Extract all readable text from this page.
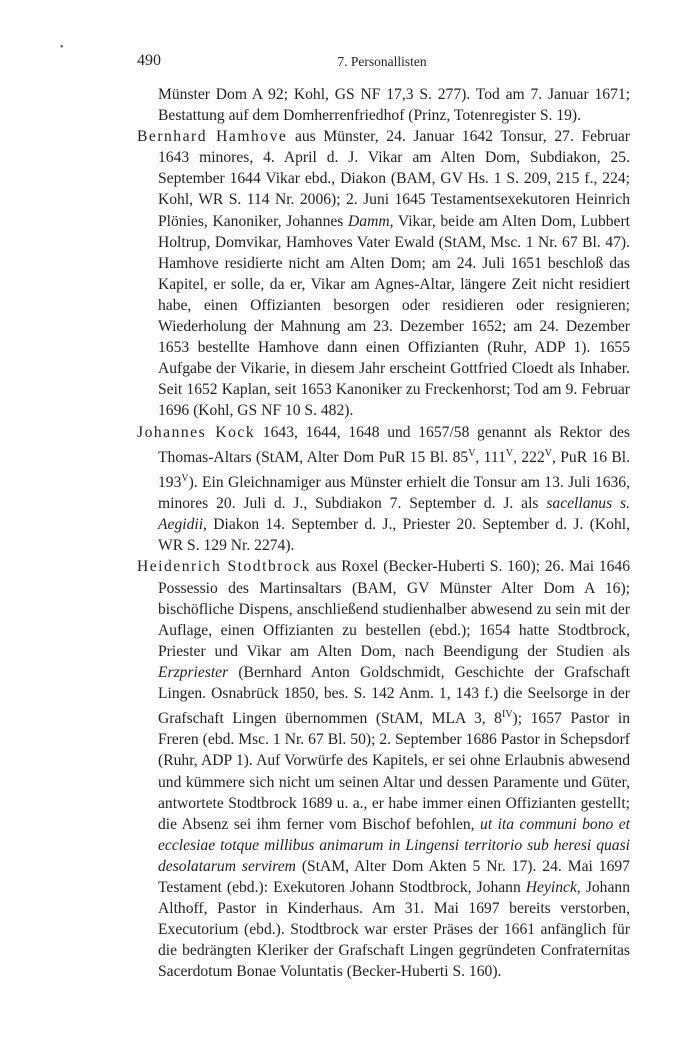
•
490	7. Personallisten

Münster Dom A 92; Kohl, GS NF 17,3 S. 277). Tod am 7. Januar 1671; Bestattung auf dem Domherrenfriedhof (Prinz, Totenregister S. 19).

Bernhard Hamhove aus Münster, 24. Januar 1642 Tonsur, 27. Februar 1643 minores, 4. April d. J. Vikar am Alten Dom, Subdiakon, 25. September 1644 Vikar ebd., Diakon (BAM, GV Hs. 1 S. 209, 215 f., 224; Kohl, WR S. 114 Nr. 2006); 2. Juni 1645 Testamentsexekutoren Heinrich Plönies, Kanoniker, Johannes Damm, Vikar, beide am Alten Dom, Lubbert Holtrup, Domvikar, Hamhoves Vater Ewald (StAM, Msc. 1 Nr. 67 Bl. 47). Hamhove residierte nicht am Alten Dom; am 24. Juli 1651 beschloß das Kapitel, er solle, da er, Vikar am Agnes-Altar, längere Zeit nicht residiert habe, einen Offizianten besorgen oder residieren oder resignieren; Wiederholung der Mahnung am 23. Dezember 1652; am 24. Dezember 1653 bestellte Hamhove dann einen Offizianten (Ruhr, ADP 1). 1655 Aufgabe der Vikarie, in diesem Jahr erscheint Gottfried Cloedt als Inhaber. Seit 1652 Kaplan, seit 1653 Kanoniker zu Freckenhorst; Tod am 9. Februar 1696 (Kohl, GS NF 10 S. 482).

Johannes Kock 1643, 1644, 1648 und 1657/58 genannt als Rektor des Thomas-Altars (StAM, Alter Dom PuR 15 Bl. $85^V$, $111^V$, $222^V$, PuR 16 Bl. $193^V$). Ein Gleichnamiger aus Münster erhielt die Tonsur am 13. Juli 1636, minores 20. Juli d. J., Subdiakon 7. September d. J. als sacellanus s. Aegidii, Diakon 14. September d. J., Priester 20. September d. J. (Kohl, WR S. 129 Nr. 2274).

Heidenrich Stodtbrock aus Roxel (Becker-Huberti S. 160); 26. Mai 1646 Possessio des Martinsaltars (BAM, GV Münster Alter Dom A 16); bischöfliche Dispens, anschließend studienhalber abwesend zu sein mit der Auflage, einen Offizianten zu bestellen (ebd.); 1654 hatte Stodtbrock, Priester und Vikar am Alten Dom, nach Beendigung der Studien als Erzpriester (Bernhard Anton Goldschmidt, Geschichte der Grafschaft Lingen. Osnabrück 1850, bes. S. 142 Anm. 1, 143 f.) die Seelsorge in der Grafschaft Lingen übernommen (StAM, MLA 3, $8^{IV}$); 1657 Pastor in Freren (ebd. Msc. 1 Nr. 67 Bl. 50); 2. September 1686 Pastor in Schepsdorf (Ruhr, ADP 1). Auf Vorwürfe des Kapitels, er sei ohne Erlaubnis abwesend und kümmere sich nicht um seinen Altar und dessen Paramente und Güter, antwortete Stodtbrock 1689 u. a., er habe immer einen Offizianten gestellt; die Absenz sei ihm ferner vom Bischof befohlen, ut ita communi bono et ecclesiae totque millibus animarum in Lingensi territorio sub heresi quasi desolatarum servirem (StAM, Alter Dom Akten 5 Nr. 17). 24. Mai 1697 Testament (ebd.): Exekutoren Johann Stodtbrock, Johann Heyinck, Johann Althoff, Pastor in Kinderhaus. Am 31. Mai 1697 bereits verstorben, Executorium (ebd.). Stodtbrock war erster Präses der 1661 anfänglich für die bedrängten Kleriker der Grafschaft Lingen gegründeten Confraternitas Sacerdotum Bonae Voluntatis (Becker-Huberti S. 160).
